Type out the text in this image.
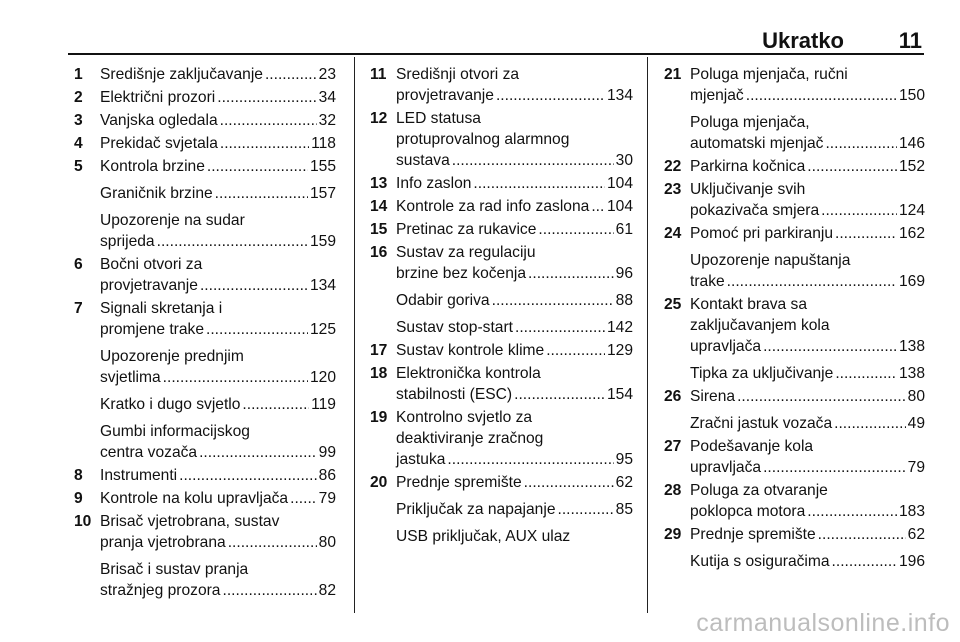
Ukratko 11
1 Središnje zaključavanje .....	23
2 Električni prozori .....	34
3 Vanjska ogledala .....	32
4 Prekidač svjetala .....	118
5 Kontrola brzine .....	155
Graničnik brzine .....	157
Upozorenje na sudar
sprijeda .....	159
6 Bočni otvori za
provjetravanje .....	134
7 Signali skretanja i
promjene trake .....	125
Upozorenje prednjim
svjetlima .....	120
Kratko i dugo svjetlo .....	119
Gumbi informacijskog
centra vozača .....	99
8 Instrumenti .....	86
9 Kontrole na kolu upravljača ..... 79
10 Brisač vjetrobrana, sustav
pranja vjetrobrana .....	80
Brisač i sustav pranja
stražnjeg prozora .....	82
11 Središnji otvori za
provjetravanje .....	134
12 LED statusa
protuprovalnog alarmnog
sustava .....	30
13 Info zaslon .....	104
14 Kontrole za rad info zaslona ..... 104
15 Pretinac za rukavice .....	61
16 Sustav za regulaciju
brzine bez kočenja .....	96
Odabir goriva .....	88
Sustav stop-start .....	142
17 Sustav kontrole klime .....	129
18 Elektronička kontrola
stabilnosti (ESC) .....	154
19 Kontrolno svjetlo za
deaktiviranje zračnog
jastuka .....	95
20 Prednje spremište .....	62
Priključak za napajanje .....	85
USB priključak, AUX ulaz
21 Poluga mjenjača, ručni
mjenjač .....	150
Poluga mjenjača,
automatski mjenjač .....	146
22 Parkirna kočnica .....	152
23 Uključivanje svih
pokazivača smjera .....	124
24 Pomoć pri parkiranju .....	162
Upozorenje napuštanja
trake .....	169
25 Kontakt brava sa
zaključavanjem kola
upravljača .....	138
Tipka za uključivanje .....	138
26 Sirena .....	80
Zračni jastuk vozača .....	49
27 Podešavanje kola
upravljača .....	79
28 Poluga za otvaranje
poklopca motora .....	183
29 Prednje spremište .....	62
Kutija s osiguračima .....	196
carmanualsonline.info
